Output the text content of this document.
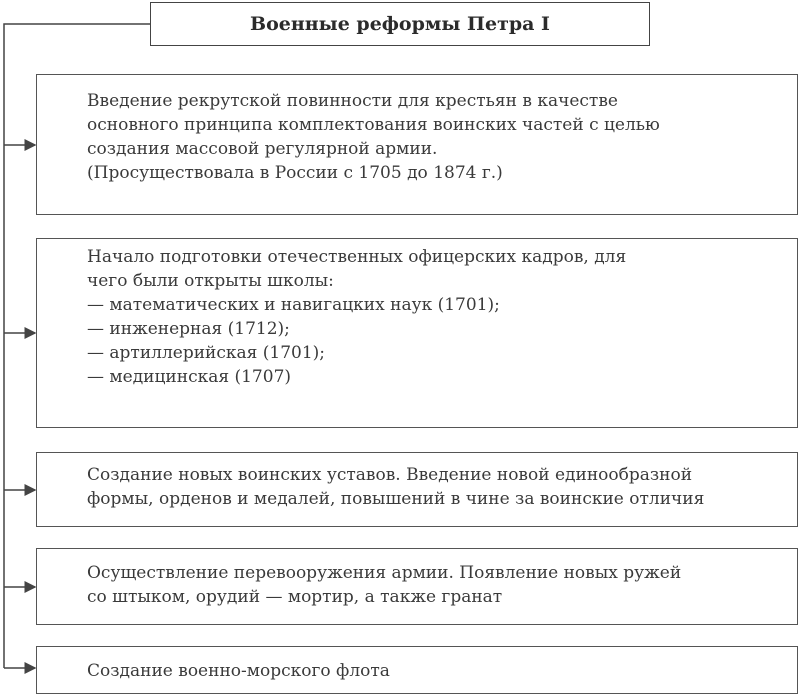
Военные реформы Петра I
Введение рекрутской повинности для крестьян в качестве
основного принципа комплектования воинских частей с целью
создания массовой регулярной армии.
(Просуществовала в России с 1705 до 1874 г.)
Начало подготовки отечественных офицерских кадров, для
чего были открыты школы:
— математических и навигацких наук (1701);
— инженерная (1712);
— артиллерийская (1701);
— медицинская (1707)
Создание новых воинских уставов. Введение новой единообразной
формы, орденов и медалей, повышений в чине за воинские отличия
Осуществление перевооружения армии. Появление новых ружей
со штыком, орудий — мортир, а также гранат
Создание военно-морского флота
